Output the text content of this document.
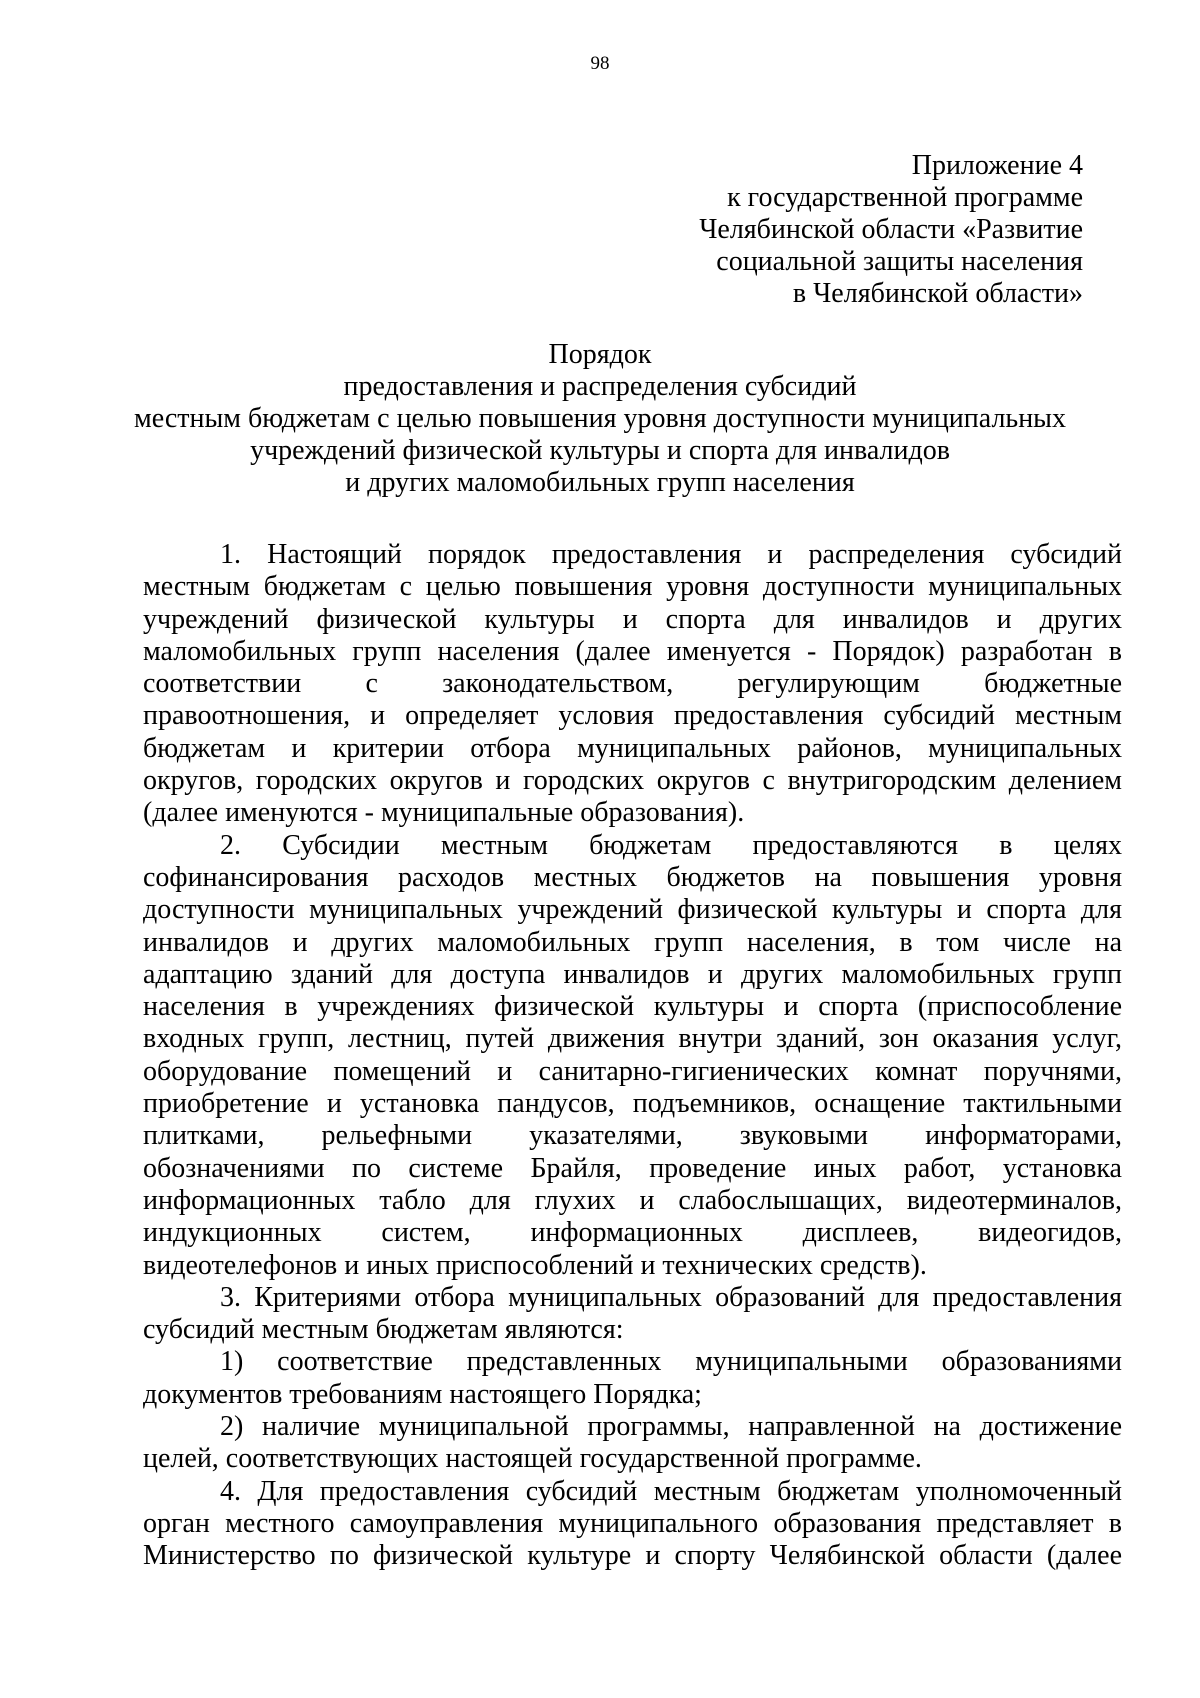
98
Приложение 4
к государственной программе
Челябинской области «Развитие
социальной защиты населения
в Челябинской области»
Порядок
предоставления и распределения субсидий
местным бюджетам с целью повышения уровня доступности муниципальных
учреждений физической культуры и спорта для инвалидов
и других маломобильных групп населения
1. Настоящий порядок предоставления и распределения субсидий
местным бюджетам с целью повышения уровня доступности муниципальных
учреждений физической культуры и спорта для инвалидов и других
маломобильных групп населения (далее именуется - Порядок) разработан в
соответствии с законодательством, регулирующим бюджетные
правоотношения, и определяет условия предоставления субсидий местным
бюджетам и критерии отбора муниципальных районов, муниципальных
округов, городских округов и городских округов с внутригородским делением
(далее именуются - муниципальные образования).
2. Субсидии местным бюджетам предоставляются в целях
софинансирования расходов местных бюджетов на повышения уровня
доступности муниципальных учреждений физической культуры и спорта для
инвалидов и других маломобильных групп населения, в том числе на
адаптацию зданий для доступа инвалидов и других маломобильных групп
населения в учреждениях физической культуры и спорта (приспособление
входных групп, лестниц, путей движения внутри зданий, зон оказания услуг,
оборудование помещений и санитарно-гигиенических комнат поручнями,
приобретение и установка пандусов, подъемников, оснащение тактильными
плитками, рельефными указателями, звуковыми информаторами,
обозначениями по системе Брайля, проведение иных работ, установка
информационных табло для глухих и слабослышащих, видеотерминалов,
индукционных систем, информационных дисплеев, видеогидов,
видеотелефонов и иных приспособлений и технических средств).
3. Критериями отбора муниципальных образований для предоставления
субсидий местным бюджетам являются:
1) соответствие представленных муниципальными образованиями
документов требованиям настоящего Порядка;
2) наличие муниципальной программы, направленной на достижение
целей, соответствующих настоящей государственной программе.
4. Для предоставления субсидий местным бюджетам уполномоченный
орган местного самоуправления муниципального образования представляет в
Министерство по физической культуре и спорту Челябинской области (далее
